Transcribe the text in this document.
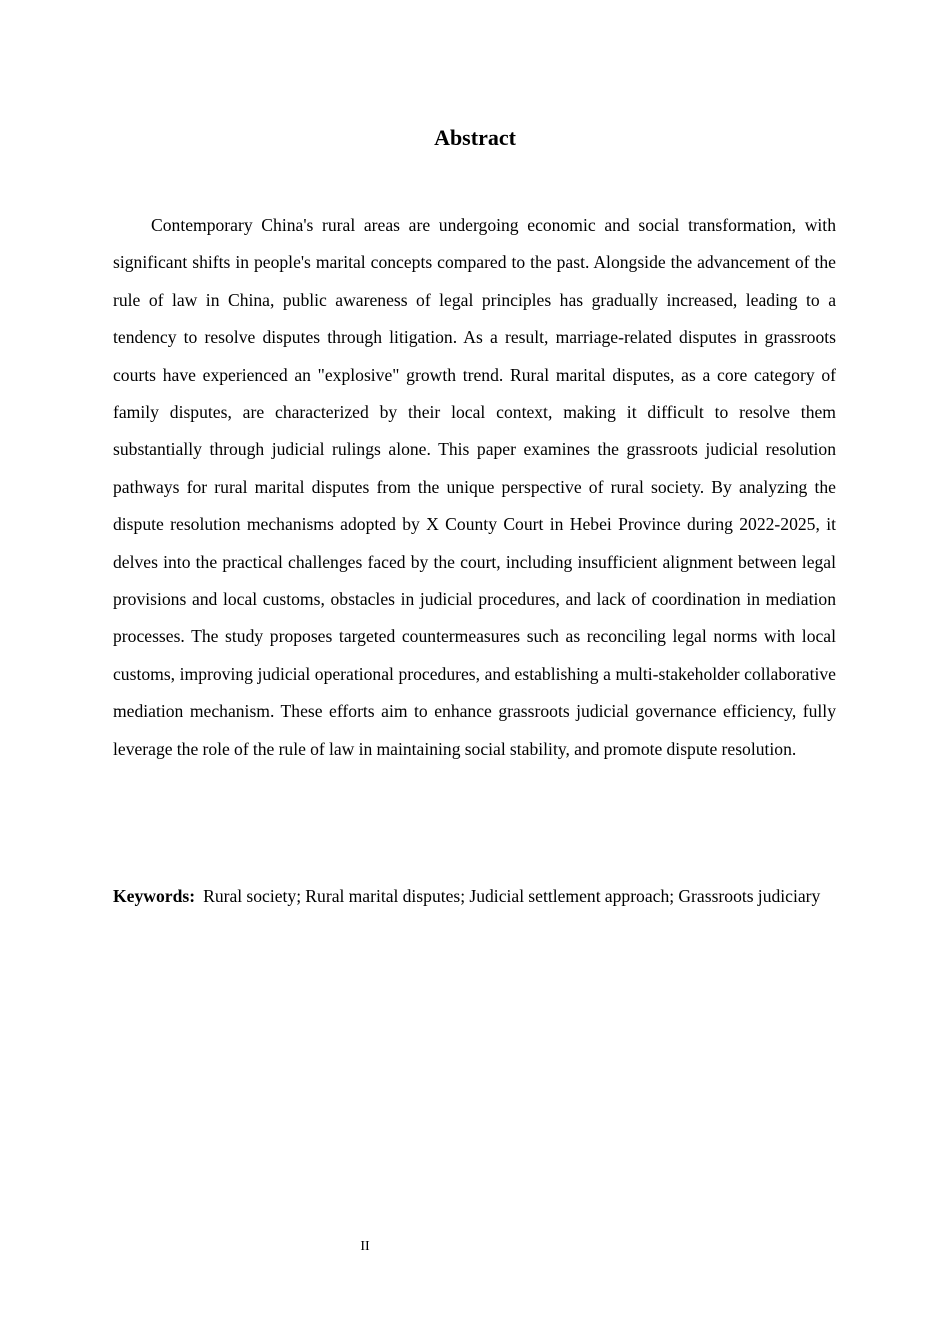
Abstract

Contemporary China's rural areas are undergoing economic and social transformation, with significant shifts in people's marital concepts compared to the past. Alongside the advancement of the rule of law in China, public awareness of legal principles has gradually increased, leading to a tendency to resolve disputes through litigation. As a result, marriage-related disputes in grassroots courts have experienced an "explosive" growth trend. Rural marital disputes, as a core category of family disputes, are characterized by their local context, making it difficult to resolve them substantially through judicial rulings alone. This paper examines the grassroots judicial resolution pathways for rural marital disputes from the unique perspective of rural society. By analyzing the dispute resolution mechanisms adopted by X County Court in Hebei Province during 2022-2025, it delves into the practical challenges faced by the court, including insufficient alignment between legal provisions and local customs, obstacles in judicial procedures, and lack of coordination in mediation processes. The study proposes targeted countermeasures such as reconciling legal norms with local customs, improving judicial operational procedures, and establishing a multi-stakeholder collaborative mediation mechanism. These efforts aim to enhance grassroots judicial governance efficiency, fully leverage the role of the rule of law in maintaining social stability, and promote dispute resolution.

Keywords: Rural society; Rural marital disputes; Judicial settlement approach; Grassroots judiciary

II
